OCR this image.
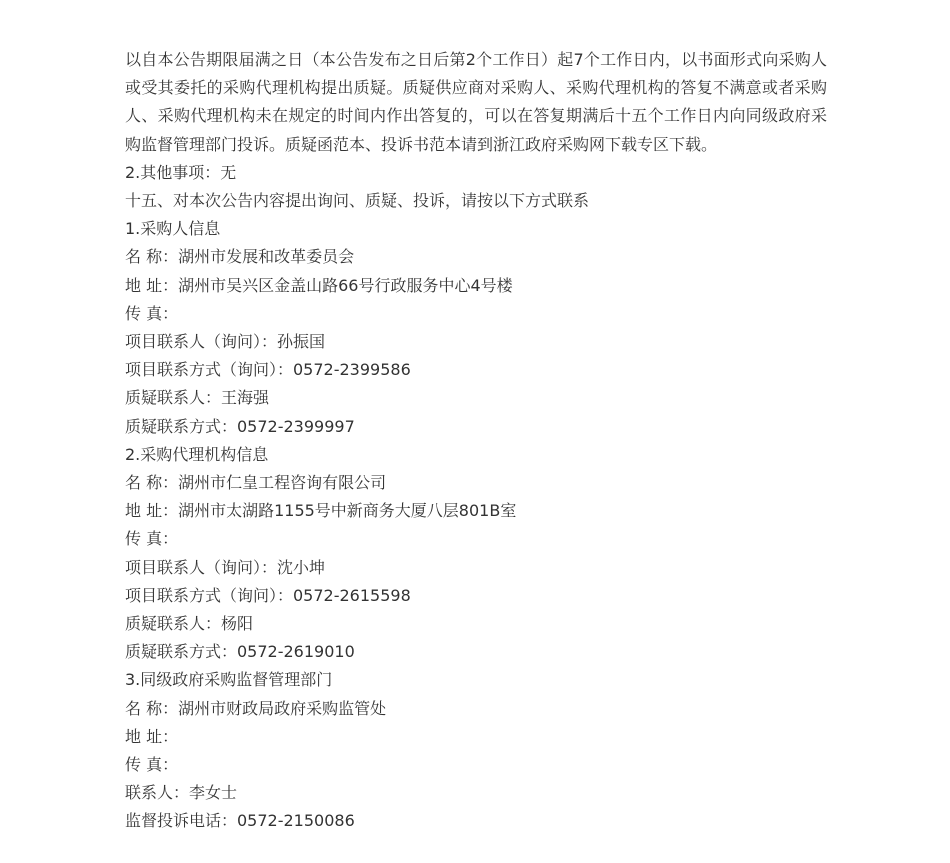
以自本公告期限届满之日（本公告发布之日后第2个工作日）起7个工作日内，以书面形式向采购人或受其委托的采购代理机构提出质疑。质疑供应商对采购人、采购代理机构的答复不满意或者采购人、采购代理机构未在规定的时间内作出答复的，可以在答复期满后十五个工作日内向同级政府采购监督管理部门投诉。质疑函范本、投诉书范本请到浙江政府采购网下载专区下载。

2.其他事项：无
十五、对本次公告内容提出询问、质疑、投诉，请按以下方式联系
1.采购人信息
名 称：湖州市发展和改革委员会
地 址：湖州市吴兴区金盖山路66号行政服务中心4号楼
传 真：
项目联系人（询问）：孙振国
项目联系方式（询问）：0572-2399586
质疑联系人：王海强
质疑联系方式：0572-2399997
2.采购代理机构信息
名 称：湖州市仁皇工程咨询有限公司
地 址：湖州市太湖路1155号中新商务大厦八层801B室
传 真：
项目联系人（询问）：沈小坤
项目联系方式（询问）：0572-2615598
质疑联系人：杨阳
质疑联系方式：0572-2619010
3.同级政府采购监督管理部门
名 称：湖州市财政局政府采购监管处
地 址：
传 真：
联系人：李女士
监督投诉电话：0572-2150086
